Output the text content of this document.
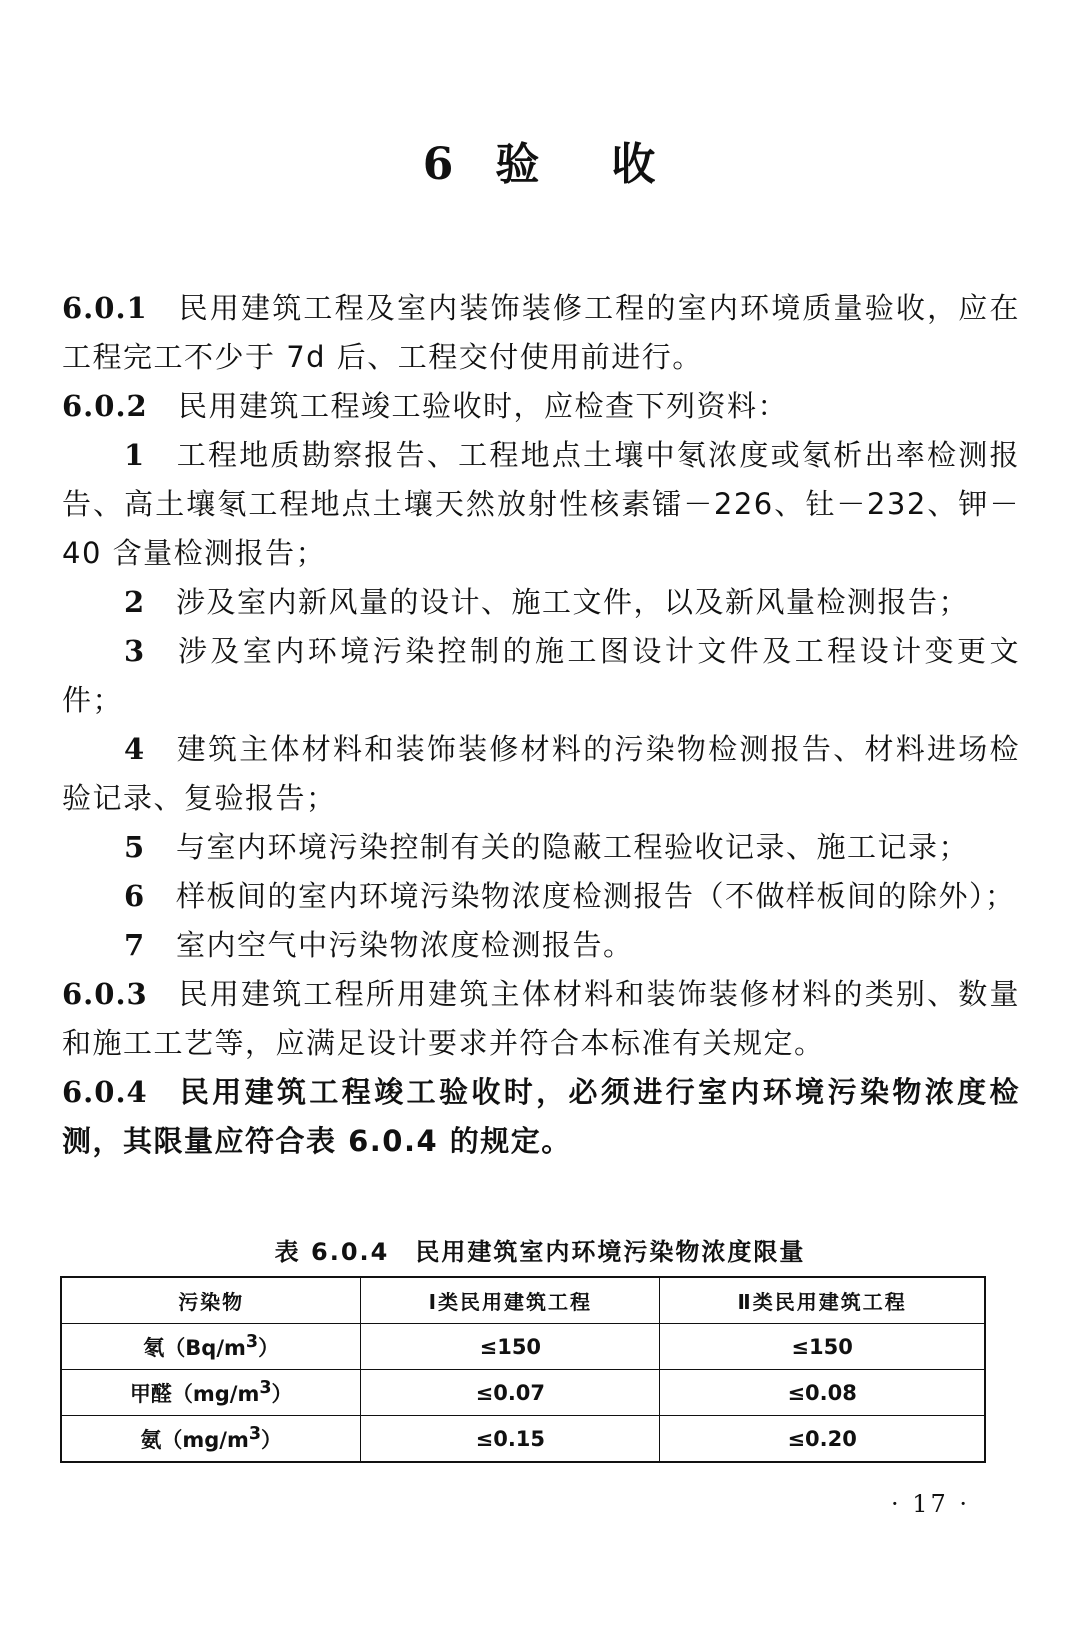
6 验 收

6.0.1 民用建筑工程及室内装饰装修工程的室内环境质量验收，应在工程完工不少于 7d 后、工程交付使用前进行。

6.0.2 民用建筑工程竣工验收时，应检查下列资料：

1 工程地质勘察报告、工程地点土壤中氡浓度或氡析出率检测报告、高土壤氡工程地点土壤天然放射性核素镭－226、钍－232、钾－40 含量检测报告；

2 涉及室内新风量的设计、施工文件，以及新风量检测报告；

3 涉及室内环境污染控制的施工图设计文件及工程设计变更文件；

4 建筑主体材料和装饰装修材料的污染物检测报告、材料进场检验记录、复验报告；

5 与室内环境污染控制有关的隐蔽工程验收记录、施工记录；

6 样板间的室内环境污染物浓度检测报告（不做样板间的除外）；

7 室内空气中污染物浓度检测报告。

6.0.3 民用建筑工程所用建筑主体材料和装饰装修材料的类别、数量和施工工艺等，应满足设计要求并符合本标准有关规定。

6.0.4 民用建筑工程竣工验收时，必须进行室内环境污染物浓度检测，其限量应符合表 6.0.4 的规定。

表 6.0.4　民用建筑室内环境污染物浓度限量
污染物	Ⅰ类民用建筑工程	Ⅱ类民用建筑工程
氡$(Bq/m^3)$	≤150	≤150
甲醛$(mg/m^3)$	≤0.07	≤0.08
氨$(mg/m^3)$	≤0.15	≤0.20
· 17 ·
